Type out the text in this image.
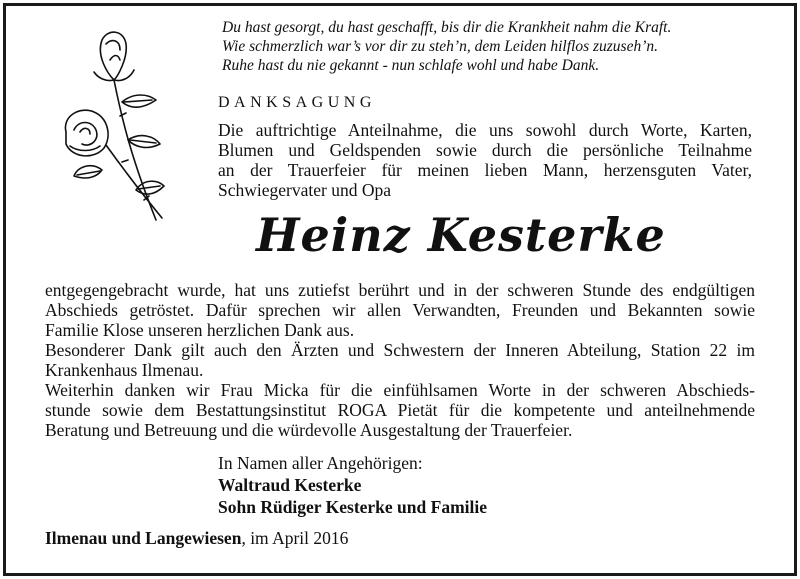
Du hast gesorgt, du hast geschafft, bis dir die Krankheit nahm die Kraft.
Wie schmerzlich war’s vor dir zu steh’n, dem Leiden hilflos zuzuseh’n.
Ruhe hast du nie gekannt - nun schlafe wohl und habe Dank.
DANKSAGUNG
Die auftrichtige Anteilnahme, die uns sowohl durch Worte, Karten,
Blumen und Geldspenden sowie durch die persönliche Teilnahme
an der Trauerfeier für meinen lieben Mann, herzensguten Vater,
Schwiegervater und Opa
Heinz Kesterke
entgegengebracht wurde, hat uns zutiefst berührt und in der schweren Stunde des endgültigen
Abschieds getröstet. Dafür sprechen wir allen Verwandten, Freunden und Bekannten sowie
Familie Klose unseren herzlichen Dank aus.
Besonderer Dank gilt auch den Ärzten und Schwestern der Inneren Abteilung, Station 22 im
Krankenhaus Ilmenau.
Weiterhin danken wir Frau Micka für die einfühlsamen Worte in der schweren Abschieds-
stunde sowie dem Bestattungsinstitut ROGA Pietät für die kompetente und anteilnehmende
Beratung und Betreuung und die würdevolle Ausgestaltung der Trauerfeier.
In Namen aller Angehörigen:
Waltraud Kesterke
Sohn Rüdiger Kesterke und Familie
Ilmenau und Langewiesen, im April 2016
